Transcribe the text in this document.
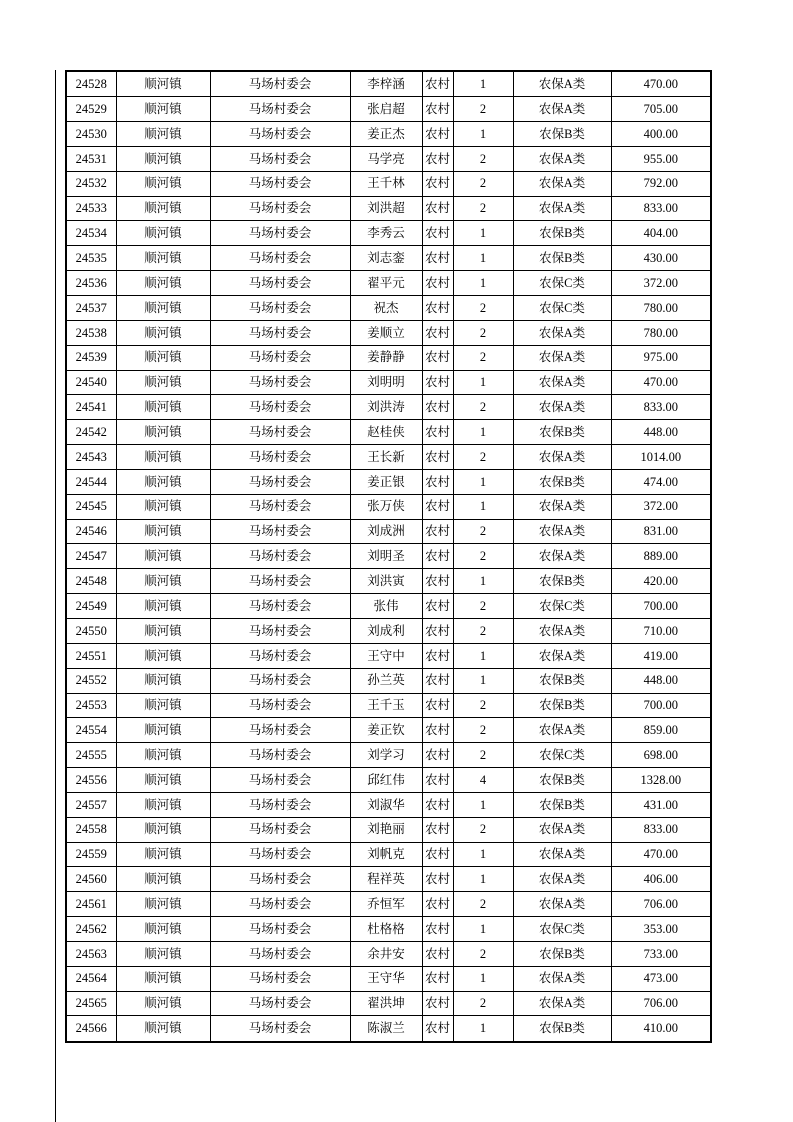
24528	顺河镇	马场村委会	李梓涵	农村	1	农保A类	470.00
24529	顺河镇	马场村委会	张启超	农村	2	农保A类	705.00
24530	顺河镇	马场村委会	姜正杰	农村	1	农保B类	400.00
24531	顺河镇	马场村委会	马学亮	农村	2	农保A类	955.00
24532	顺河镇	马场村委会	王千林	农村	2	农保A类	792.00
24533	顺河镇	马场村委会	刘洪超	农村	2	农保A类	833.00
24534	顺河镇	马场村委会	李秀云	农村	1	农保B类	404.00
24535	顺河镇	马场村委会	刘志銮	农村	1	农保B类	430.00
24536	顺河镇	马场村委会	翟平元	农村	1	农保C类	372.00
24537	顺河镇	马场村委会	祝杰	农村	2	农保C类	780.00
24538	顺河镇	马场村委会	姜顺立	农村	2	农保A类	780.00
24539	顺河镇	马场村委会	姜静静	农村	2	农保A类	975.00
24540	顺河镇	马场村委会	刘明明	农村	1	农保A类	470.00
24541	顺河镇	马场村委会	刘洪涛	农村	2	农保A类	833.00
24542	顺河镇	马场村委会	赵桂侠	农村	1	农保B类	448.00
24543	顺河镇	马场村委会	王长新	农村	2	农保A类	1014.00
24544	顺河镇	马场村委会	姜正银	农村	1	农保B类	474.00
24545	顺河镇	马场村委会	张万侠	农村	1	农保A类	372.00
24546	顺河镇	马场村委会	刘成洲	农村	2	农保A类	831.00
24547	顺河镇	马场村委会	刘明圣	农村	2	农保A类	889.00
24548	顺河镇	马场村委会	刘洪寅	农村	1	农保B类	420.00
24549	顺河镇	马场村委会	张伟	农村	2	农保C类	700.00
24550	顺河镇	马场村委会	刘成利	农村	2	农保A类	710.00
24551	顺河镇	马场村委会	王守中	农村	1	农保A类	419.00
24552	顺河镇	马场村委会	孙兰英	农村	1	农保B类	448.00
24553	顺河镇	马场村委会	王千玉	农村	2	农保B类	700.00
24554	顺河镇	马场村委会	姜正钦	农村	2	农保A类	859.00
24555	顺河镇	马场村委会	刘学习	农村	2	农保C类	698.00
24556	顺河镇	马场村委会	邱红伟	农村	4	农保B类	1328.00
24557	顺河镇	马场村委会	刘淑华	农村	1	农保B类	431.00
24558	顺河镇	马场村委会	刘艳丽	农村	2	农保A类	833.00
24559	顺河镇	马场村委会	刘帆克	农村	1	农保A类	470.00
24560	顺河镇	马场村委会	程祥英	农村	1	农保A类	406.00
24561	顺河镇	马场村委会	乔恒军	农村	2	农保A类	706.00
24562	顺河镇	马场村委会	杜格格	农村	1	农保C类	353.00
24563	顺河镇	马场村委会	余井安	农村	2	农保B类	733.00
24564	顺河镇	马场村委会	王守华	农村	1	农保A类	473.00
24565	顺河镇	马场村委会	翟洪坤	农村	2	农保A类	706.00
24566	顺河镇	马场村委会	陈淑兰	农村	1	农保B类	410.00
